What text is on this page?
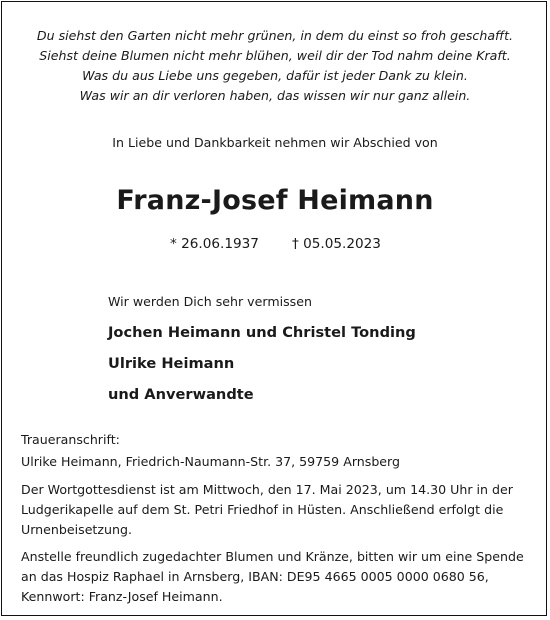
Du siehst den Garten nicht mehr grünen, in dem du einst so froh geschafft.
Siehst deine Blumen nicht mehr blühen, weil dir der Tod nahm deine Kraft.
Was du aus Liebe uns gegeben, dafür ist jeder Dank zu klein.
Was wir an dir verloren haben, das wissen wir nur ganz allein.
In Liebe und Dankbarkeit nehmen wir Abschied von
Franz-Josef Heimann
* 26.06.1937 † 05.05.2023
Wir werden Dich sehr vermissen
Jochen Heimann und Christel Tonding
Ulrike Heimann
und Anverwandte
Traueranschrift:
Ulrike Heimann, Friedrich-Naumann-Str. 37, 59759 Arnsberg
Der Wortgottesdienst ist am Mittwoch, den 17. Mai 2023, um 14.30 Uhr in der
Ludgerikapelle auf dem St. Petri Friedhof in Hüsten. Anschließend erfolgt die
Urnenbeisetzung.
Anstelle freundlich zugedachter Blumen und Kränze, bitten wir um eine Spende
an das Hospiz Raphael in Arnsberg, IBAN: DE95 4665 0005 0000 0680 56,
Kennwort: Franz-Josef Heimann.
